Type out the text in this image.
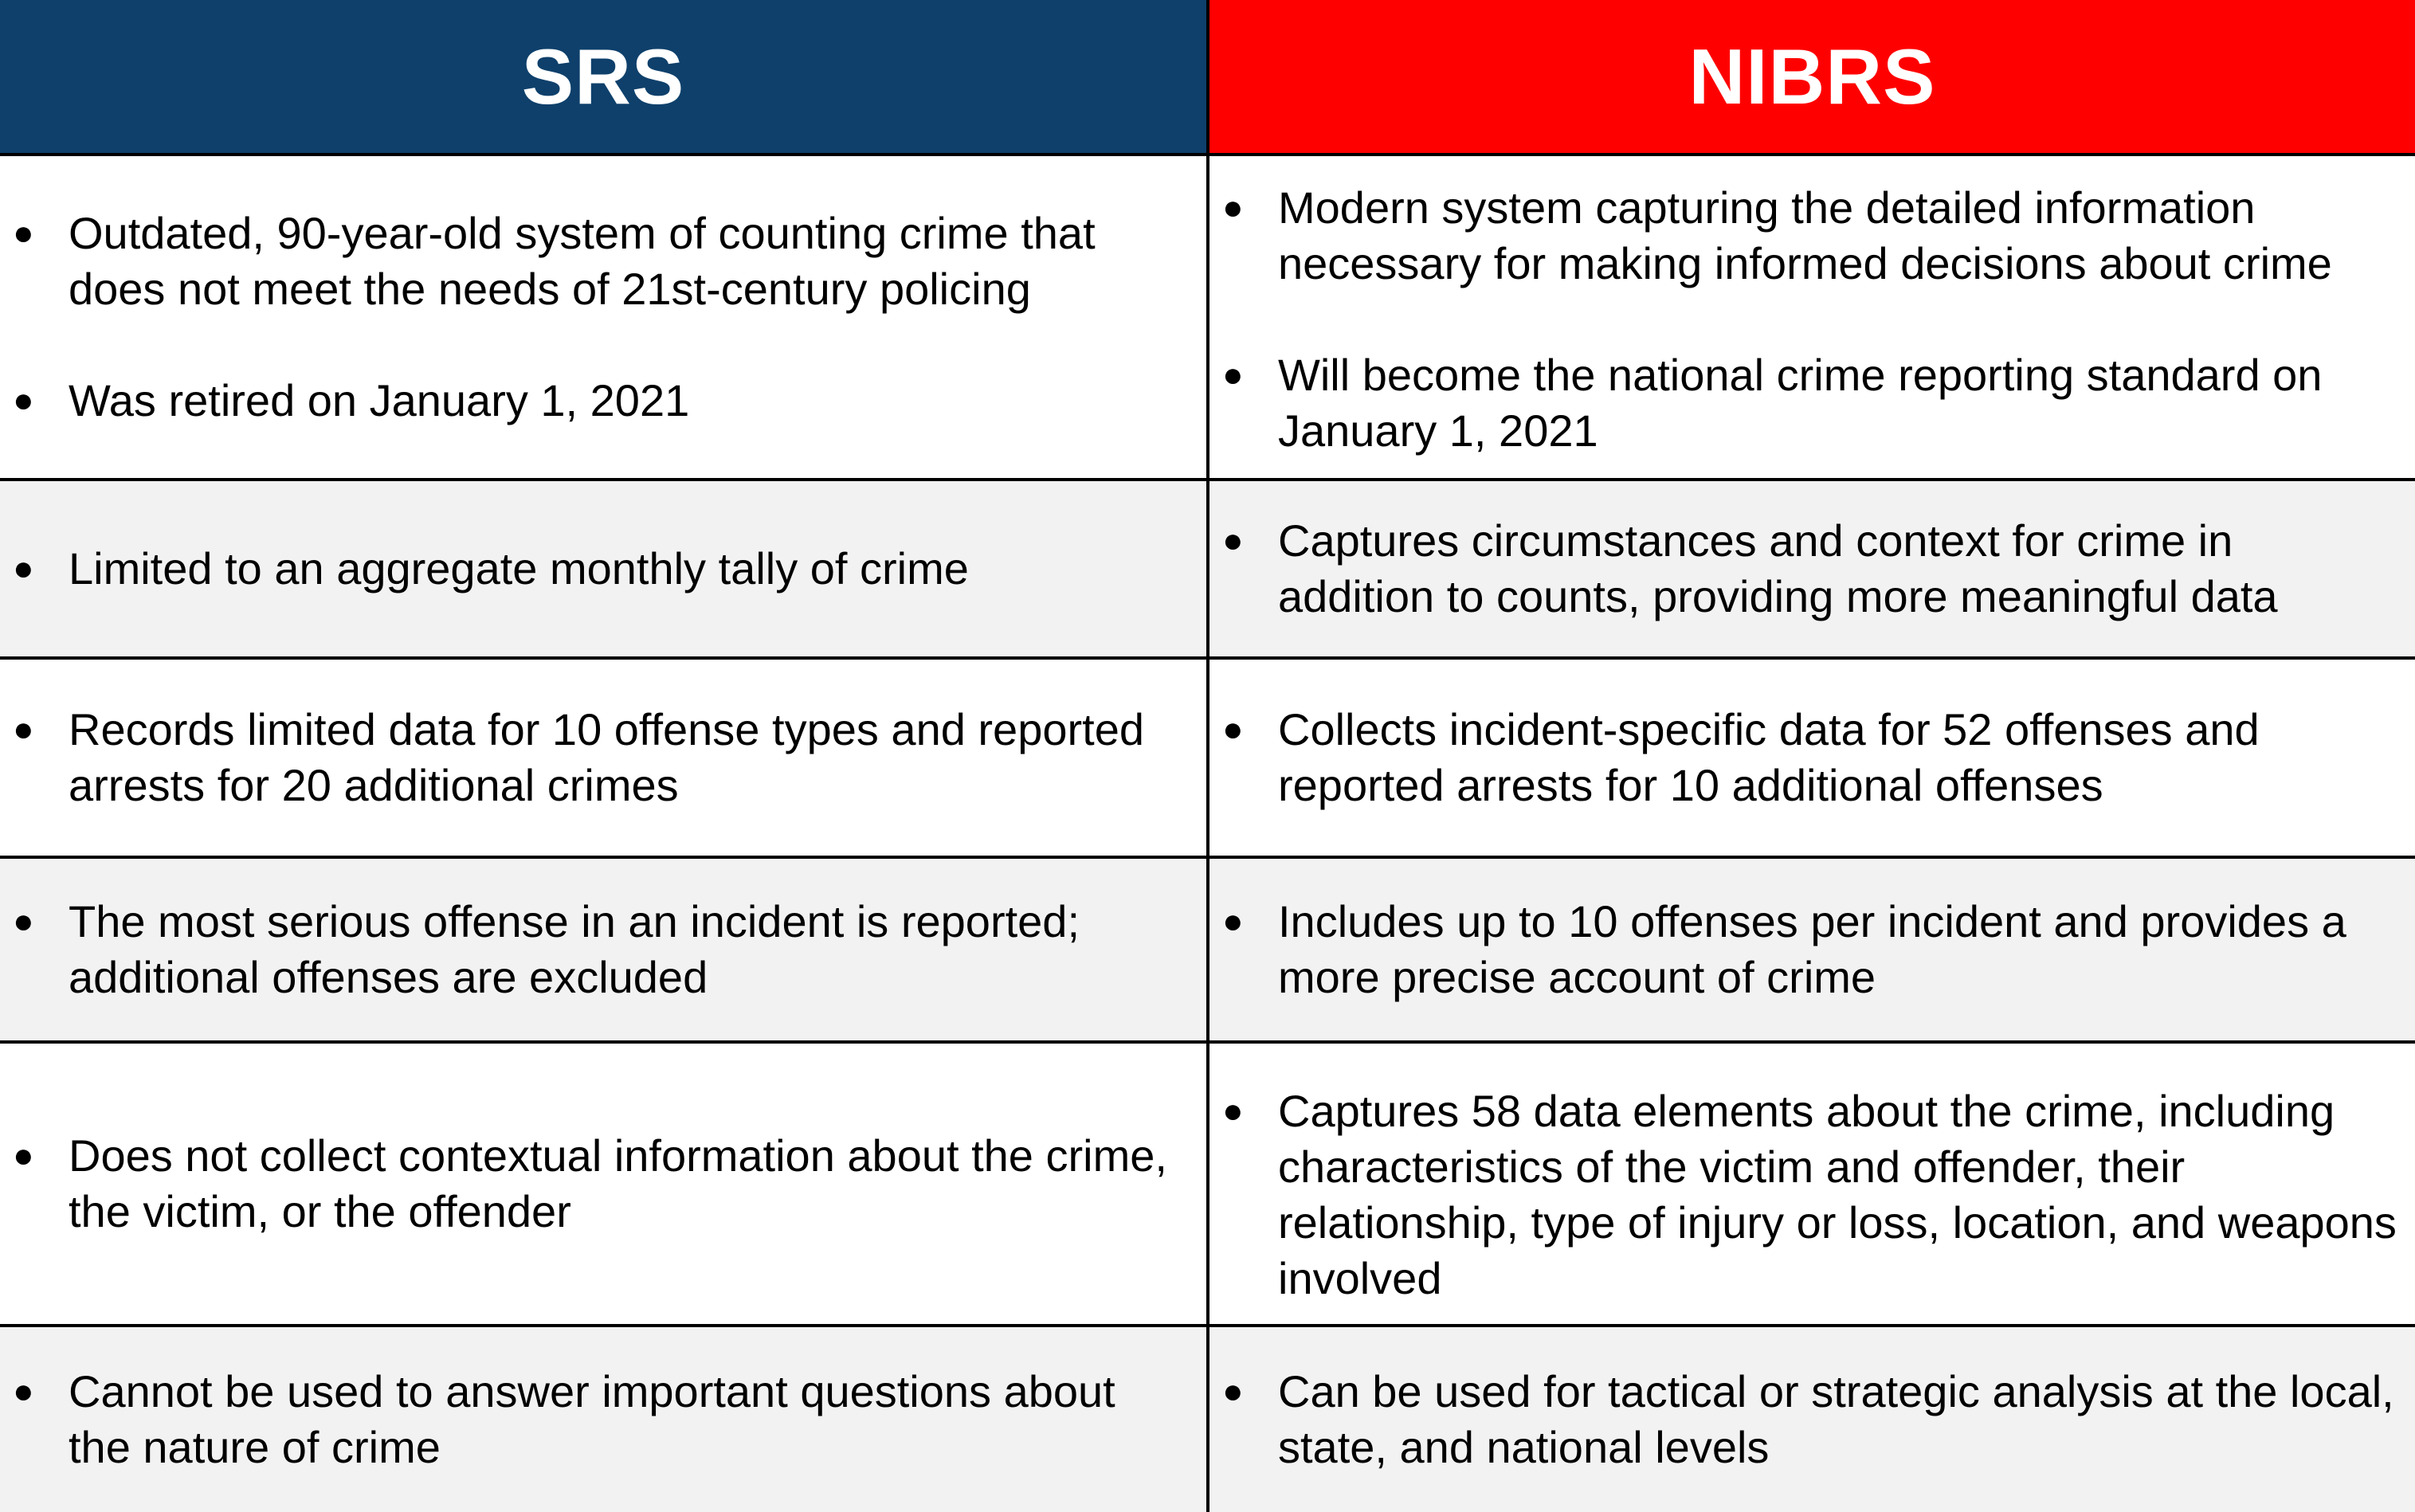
SRS	NIBRS
● Outdated, 90-year-old system of counting crime that does not meet the needs of 21st-century policing
● Was retired on January 1, 2021
● Modern system capturing the detailed information necessary for making informed decisions about crime
● Will become the national crime reporting standard on January 1, 2021
● Limited to an aggregate monthly tally of crime
● Captures circumstances and context for crime in addition to counts, providing more meaningful data
● Records limited data for 10 offense types and reported arrests for 20 additional crimes
● Collects incident-specific data for 52 offenses and reported arrests for 10 additional offenses
● The most serious offense in an incident is reported; additional offenses are excluded
● Includes up to 10 offenses per incident and provides a more precise account of crime
● Does not collect contextual information about the crime, the victim, or the offender
● Captures 58 data elements about the crime, including characteristics of the victim and offender, their relationship, type of injury or loss, location, and weapons involved
● Cannot be used to answer important questions about the nature of crime
● Can be used for tactical or strategic analysis at the local, state, and national levels
